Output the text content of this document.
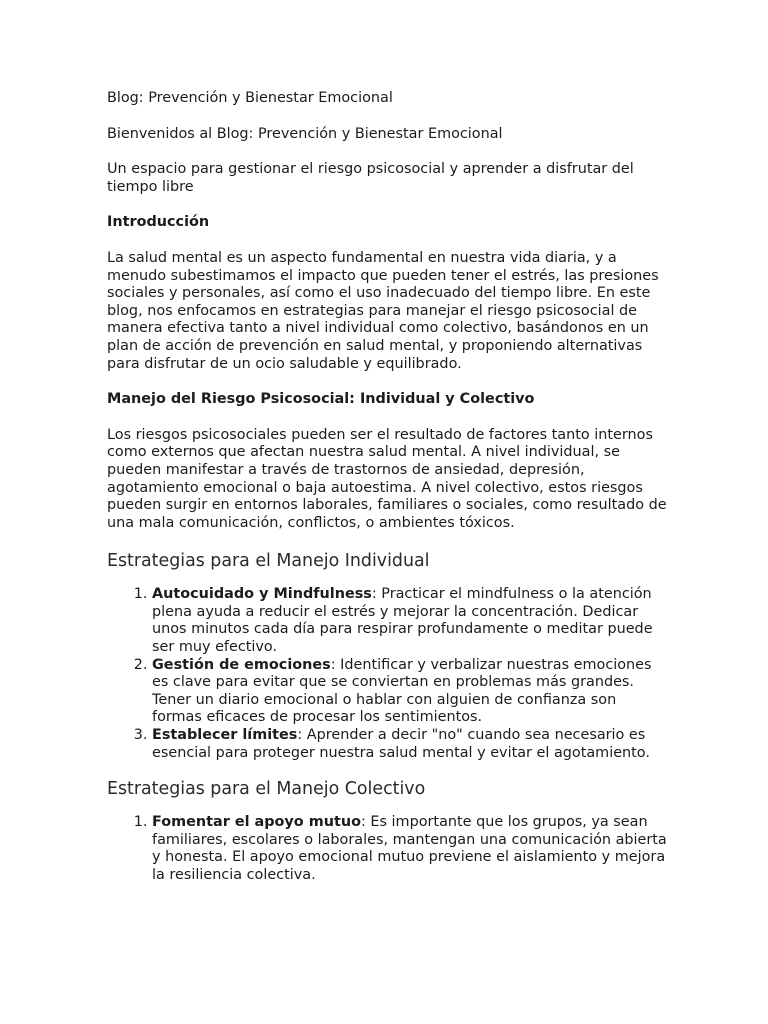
Blog: Prevención y Bienestar Emocional

Bienvenidos al Blog: Prevención y Bienestar Emocional

Un espacio para gestionar el riesgo psicosocial y aprender a disfrutar del tiempo libre

Introducción

La salud mental es un aspecto fundamental en nuestra vida diaria, y a menudo subestimamos el impacto que pueden tener el estrés, las presiones sociales y personales, así como el uso inadecuado del tiempo libre. En este blog, nos enfocamos en estrategias para manejar el riesgo psicosocial de manera efectiva tanto a nivel individual como colectivo, basándonos en un plan de acción de prevención en salud mental, y proponiendo alternativas para disfrutar de un ocio saludable y equilibrado.

Manejo del Riesgo Psicosocial: Individual y Colectivo

Los riesgos psicosociales pueden ser el resultado de factores tanto internos como externos que afectan nuestra salud mental. A nivel individual, se pueden manifestar a través de trastornos de ansiedad, depresión, agotamiento emocional o baja autoestima. A nivel colectivo, estos riesgos pueden surgir en entornos laborales, familiares o sociales, como resultado de una mala comunicación, conflictos, o ambientes tóxicos.

Estrategias para el Manejo Individual
1. Autocuidado y Mindfulness: Practicar el mindfulness o la atención plena ayuda a reducir el estrés y mejorar la concentración. Dedicar unos minutos cada día para respirar profundamente o meditar puede ser muy efectivo.
2. Gestión de emociones: Identificar y verbalizar nuestras emociones es clave para evitar que se conviertan en problemas más grandes. Tener un diario emocional o hablar con alguien de confianza son formas eficaces de procesar los sentimientos.
3. Establecer límites: Aprender a decir "no" cuando sea necesario es esencial para proteger nuestra salud mental y evitar el agotamiento.
Estrategias para el Manejo Colectivo
1. Fomentar el apoyo mutuo: Es importante que los grupos, ya sean familiares, escolares o laborales, mantengan una comunicación abierta y honesta. El apoyo emocional mutuo previene el aislamiento y mejora la resiliencia colectiva.
